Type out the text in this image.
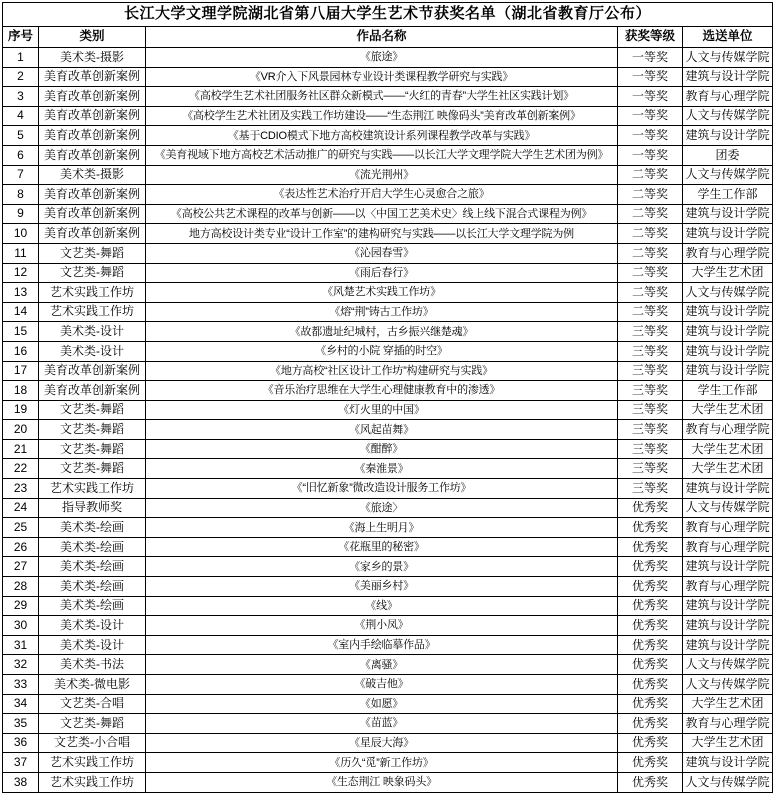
长江大学文理学院湖北省第八届大学生艺术节获奖名单（湖北省教育厅公布）				
序号	类别	作品名称	获奖等级	选送单位
1	美术类-摄影	《旅途》	一等奖	人文与传媒学院
2	美育改革创新案例	《VR介入下风景园林专业设计类课程教学研究与实践》	一等奖	建筑与设计学院
3	美育改革创新案例	《高校学生艺术社团服务社区群众新模式——“火红的青春”大学生社区实践计划》	一等奖	教育与心理学院
4	美育改革创新案例	《高校学生艺术社团及实践工作坊建设——“生态荆江 映像码头”美育改革创新案例》	一等奖	人文与传媒学院
5	美育改革创新案例	《基于CDIO模式下地方高校建筑设计系列课程教学改革与实践》	一等奖	建筑与设计学院
6	美育改革创新案例	《美育视域下地方高校艺术活动推广的研究与实践——以长江大学文理学院大学生艺术团为例》	一等奖	团委
7	美术类-摄影	《流光荆州》	二等奖	人文与传媒学院
8	美育改革创新案例	《表达性艺术治疗开启大学生心灵愈合之旅》	二等奖	学生工作部
9	美育改革创新案例	《高校公共艺术课程的改革与创新——以〈中国工艺美术史〉线上线下混合式课程为例》	二等奖	建筑与设计学院
10	美育改革创新案例	地方高校设计类专业“设计工作室”的建构研究与实践——以长江大学文理学院为例	二等奖	建筑与设计学院
11	文艺类-舞蹈	《沁园春雪》	二等奖	教育与心理学院
12	文艺类-舞蹈	《雨后春行》	二等奖	大学生艺术团
13	艺术实践工作坊	《风楚艺术实践工作坊》	二等奖	人文与传媒学院
14	艺术实践工作坊	《熔“荆”铸古工作坊》	二等奖	建筑与设计学院
15	美术类-设计	《故都遗址纪城村，古乡振兴继楚魂》	三等奖	建筑与设计学院
16	美术类-设计	《乡村的小院 穿插的时空》	三等奖	建筑与设计学院
17	美育改革创新案例	《地方高校“社区设计工作坊”构建研究与实践》	三等奖	建筑与设计学院
18	美育改革创新案例	《音乐治疗思维在大学生心理健康教育中的渗透》	三等奖	学生工作部
19	文艺类-舞蹈	《灯火里的中国》	三等奖	大学生艺术团
20	文艺类-舞蹈	《风起苗舞》	三等奖	教育与心理学院
21	文艺类-舞蹈	《酣醉》	三等奖	大学生艺术团
22	文艺类-舞蹈	《秦淮景》	三等奖	大学生艺术团
23	艺术实践工作坊	《“旧忆新象”微改造设计服务工作坊》	三等奖	建筑与设计学院
24	指导教师奖	《旅途〉	优秀奖	人文与传媒学院
25	美术类-绘画	《海上生明月》	优秀奖	教育与心理学院
26	美术类-绘画	《花瓶里的秘密》	优秀奖	教育与心理学院
27	美术类-绘画	《家乡的景》	优秀奖	建筑与设计学院
28	美术类-绘画	《美丽乡村》	优秀奖	教育与心理学院
29	美术类-绘画	《线》	优秀奖	建筑与设计学院
30	美术类-设计	《荆小凤》	优秀奖	建筑与设计学院
31	美术类-设计	《室内手绘临摹作品》	优秀奖	建筑与设计学院
32	美术类-书法	《离骚》	优秀奖	人文与传媒学院
33	美术类-微电影	《破吉他》	优秀奖	人文与传媒学院
34	文艺类-合唱	《如愿》	优秀奖	大学生艺术团
35	文艺类-舞蹈	《苗蓝》	优秀奖	教育与心理学院
36	文艺类-小合唱	《星辰大海》	优秀奖	大学生艺术团
37	艺术实践工作坊	《历久“觅”新工作坊》	优秀奖	建筑与设计学院
38	艺术实践工作坊	《生态荆江 映象码头》	优秀奖	人文与传媒学院
